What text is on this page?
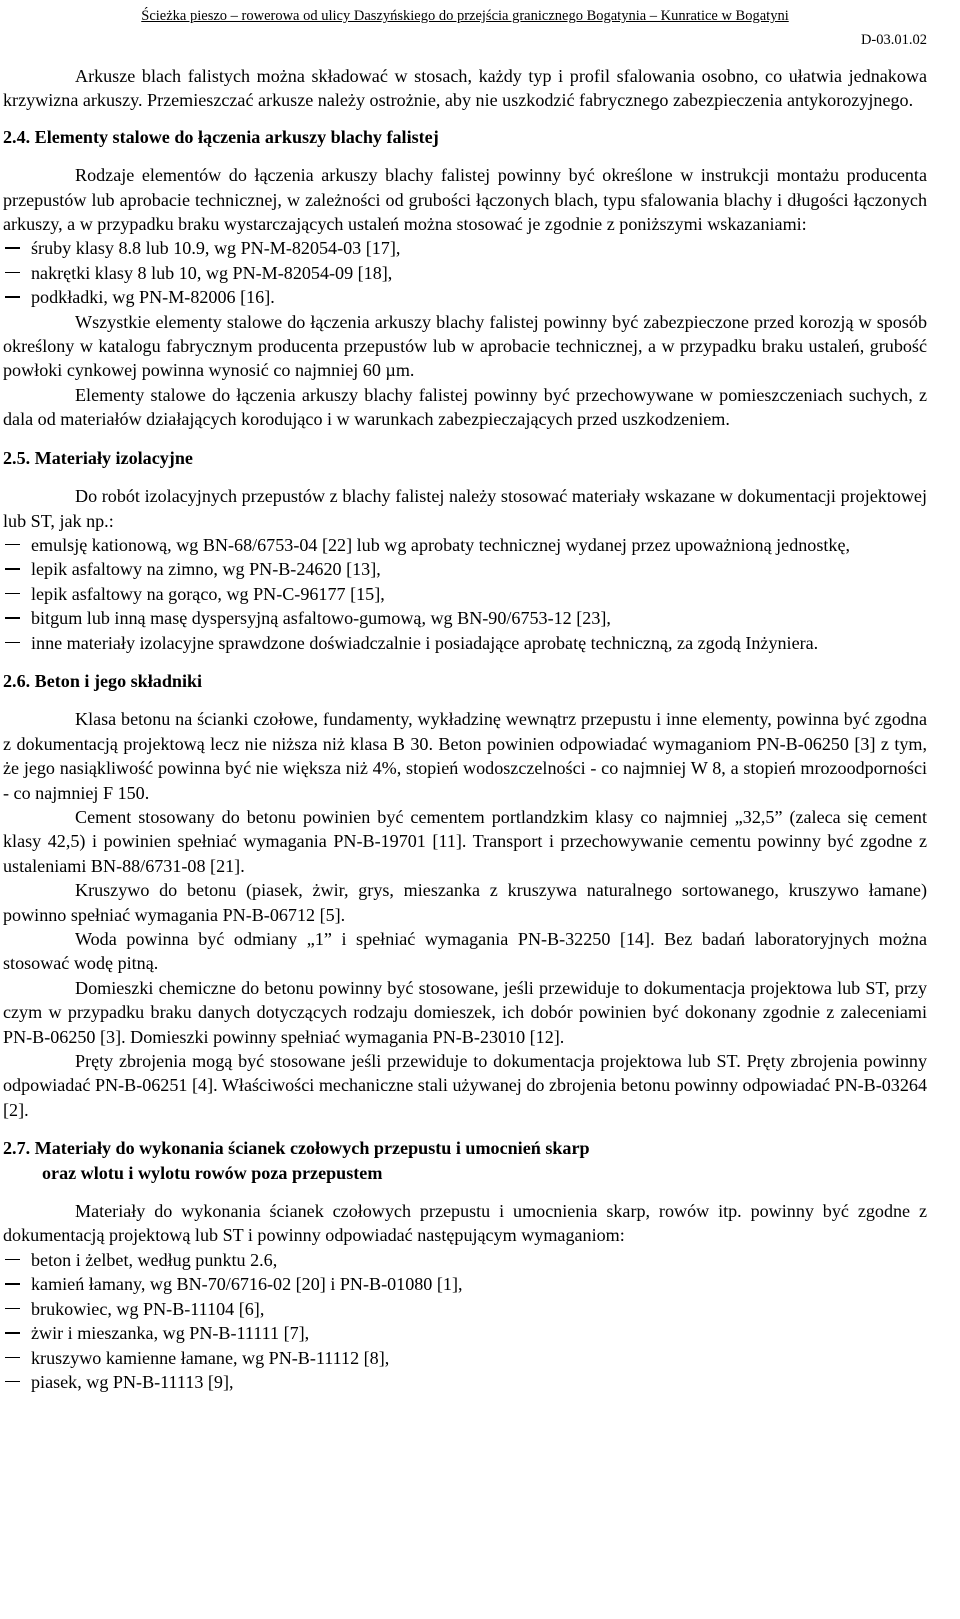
Ścieżka pieszo – rowerowa od ulicy Daszyńskiego do przejścia granicznego Bogatynia – Kunratice w Bogatyni
D-03.01.02

Arkusze blach falistych można składować w stosach, każdy typ i profil sfalowania osobno, co ułatwia jednakowa krzywizna arkuszy. Przemieszczać arkusze należy ostrożnie, aby nie uszkodzić fabrycznego zabezpieczenia antykorozyjnego.

2.4. Elementy stalowe do łączenia arkuszy blachy falistej

Rodzaje elementów do łączenia arkuszy blachy falistej powinny być określone w instrukcji montażu producenta przepustów lub aprobacie technicznej, w zależności od grubości łączonych blach, typu sfalowania blachy i długości łączonych arkuszy, a w przypadku braku wystarczających ustaleń można stosować je zgodnie z poniższymi wskazaniami:

śruby klasy 8.8 lub 10.9, wg PN-M-82054-03 [17],
nakrętki klasy 8 lub 10, wg PN-M-82054-09 [18],
podkładki, wg PN-M-82006 [16].

Wszystkie elementy stalowe do łączenia arkuszy blachy falistej powinny być zabezpieczone przed korozją w sposób określony w katalogu fabrycznym producenta przepustów lub w aprobacie technicznej, a w przypadku braku ustaleń, grubość powłoki cynkowej powinna wynosić co najmniej 60 µm.

Elementy stalowe do łączenia arkuszy blachy falistej powinny być przechowywane w pomieszczeniach suchych, z dala od materiałów działających korodująco i w warunkach zabezpieczających przed uszkodzeniem.

2.5. Materiały izolacyjne

Do robót izolacyjnych przepustów z blachy falistej należy stosować materiały wskazane w dokumentacji projektowej lub ST, jak np.:

emulsję kationową, wg BN-68/6753-04 [22] lub wg aprobaty technicznej wydanej przez upoważnioną jednostkę,
lepik asfaltowy na zimno, wg PN-B-24620 [13],
lepik asfaltowy na gorąco, wg PN-C-96177 [15],
bitgum lub inną masę dyspersyjną asfaltowo-gumową, wg BN-90/6753-12 [23],
inne materiały izolacyjne sprawdzone doświadczalnie i posiadające aprobatę techniczną, za zgodą Inżyniera.
2.6. Beton i jego składniki

Klasa betonu na ścianki czołowe, fundamenty, wykładzinę wewnątrz przepustu i inne elementy, powinna być zgodna z dokumentacją projektową lecz nie niższa niż klasa B 30. Beton powinien odpowiadać wymaganiom PN-B-06250 [3] z tym, że jego nasiąkliwość powinna być nie większa niż 4%, stopień wodoszczelności - co najmniej W 8, a stopień mrozoodporności - co najmniej F 150.

Cement stosowany do betonu powinien być cementem portlandzkim klasy co najmniej „32,5” (zaleca się cement klasy 42,5) i powinien spełniać wymagania PN-B-19701 [11]. Transport i przechowywanie cementu powinny być zgodne z ustaleniami BN-88/6731-08 [21].

Kruszywo do betonu (piasek, żwir, grys, mieszanka z kruszywa naturalnego sortowanego, kruszywo łamane) powinno spełniać wymagania PN-B-06712 [5].

Woda powinna być odmiany „1” i spełniać wymagania PN-B-32250 [14]. Bez badań laboratoryjnych można stosować wodę pitną.

Domieszki chemiczne do betonu powinny być stosowane, jeśli przewiduje to dokumentacja projektowa lub ST, przy czym w przypadku braku danych dotyczących rodzaju domieszek, ich dobór powinien być dokonany zgodnie z zaleceniami PN-B-06250 [3]. Domieszki powinny spełniać wymagania PN-B-23010 [12].

Pręty zbrojenia mogą być stosowane jeśli przewiduje to dokumentacja projektowa lub ST. Pręty zbrojenia powinny odpowiadać PN-B-06251 [4]. Właściwości mechaniczne stali używanej do zbrojenia betonu powinny odpowiadać PN-B-03264 [2].

2.7. Materiały do wykonania ścianek czołowych przepustu i umocnień skarp
oraz wlotu i wylotu rowów poza przepustem

Materiały do wykonania ścianek czołowych przepustu i umocnienia skarp, rowów itp. powinny być zgodne z dokumentacją projektową lub ST i powinny odpowiadać następującym wymaganiom:

beton i żelbet, według punktu 2.6,
kamień łamany, wg BN-70/6716-02 [20] i PN-B-01080 [1],
brukowiec, wg PN-B-11104 [6],
żwir i mieszanka, wg PN-B-11111 [7],
kruszywo kamienne łamane, wg PN-B-11112 [8],
piasek, wg PN-B-11113 [9],
